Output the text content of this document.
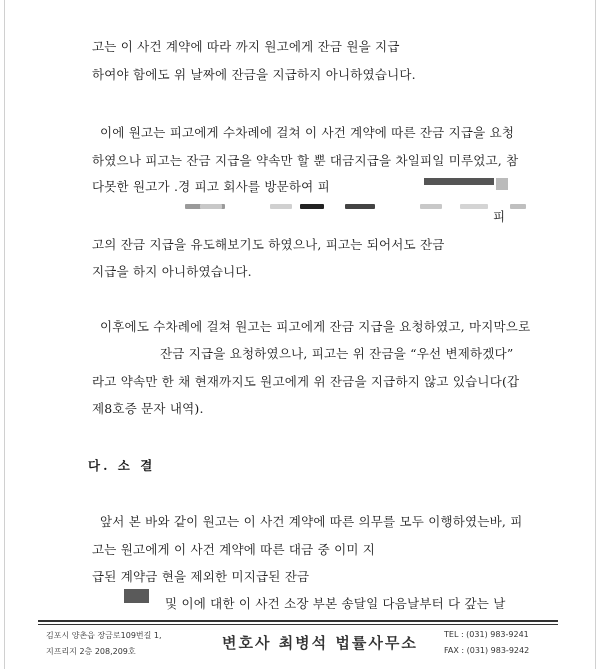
고는 이 사건 계약에 따라 까지 원고에게 잔금 원을 지급
하여야 함에도 위 날짜에 잔금을 지급하지 아니하였습니다.
이에 원고는 피고에게 수차례에 걸쳐 이 사건 계약에 따른 잔금 지급을 요청
하였으나 피고는 잔금 지급을 약속만 할 뿐 대금지급을 차일피일 미루었고, 참
다못한 원고가 .경 피고 회사를 방문하여 피
피
고의 잔금 지급을 유도해보기도 하였으나, 피고는 되어서도 잔금
지급을 하지 아니하였습니다.
이후에도 수차례에 걸쳐 원고는 피고에게 잔금 지급을 요청하였고, 마지막으로
잔금 지급을 요청하였으나, 피고는 위 잔금을 “우선 변제하겠다”
라고 약속만 한 채 현재까지도 원고에게 위 잔금을 지급하지 않고 있습니다(갑
제8호증 문자 내역).
다. 소 결
앞서 본 바와 같이 원고는 이 사건 계약에 따른 의무를 모두 이행하였는바, 피
고는 원고에게 이 사건 계약에 따른 대금 중 이미 지
급된 계약금 현을 제외한 미지급된 잔금
및 이에 대한 이 사건 소장 부본 송달일 다음날부터 다 갚는 날
김포시 양촌읍 장금로109번길 1,
지프리지 2층 208,209호	변호사 최병석 법률사무소	TEL : (031) 983-9241
FAX : (031) 983-9242
